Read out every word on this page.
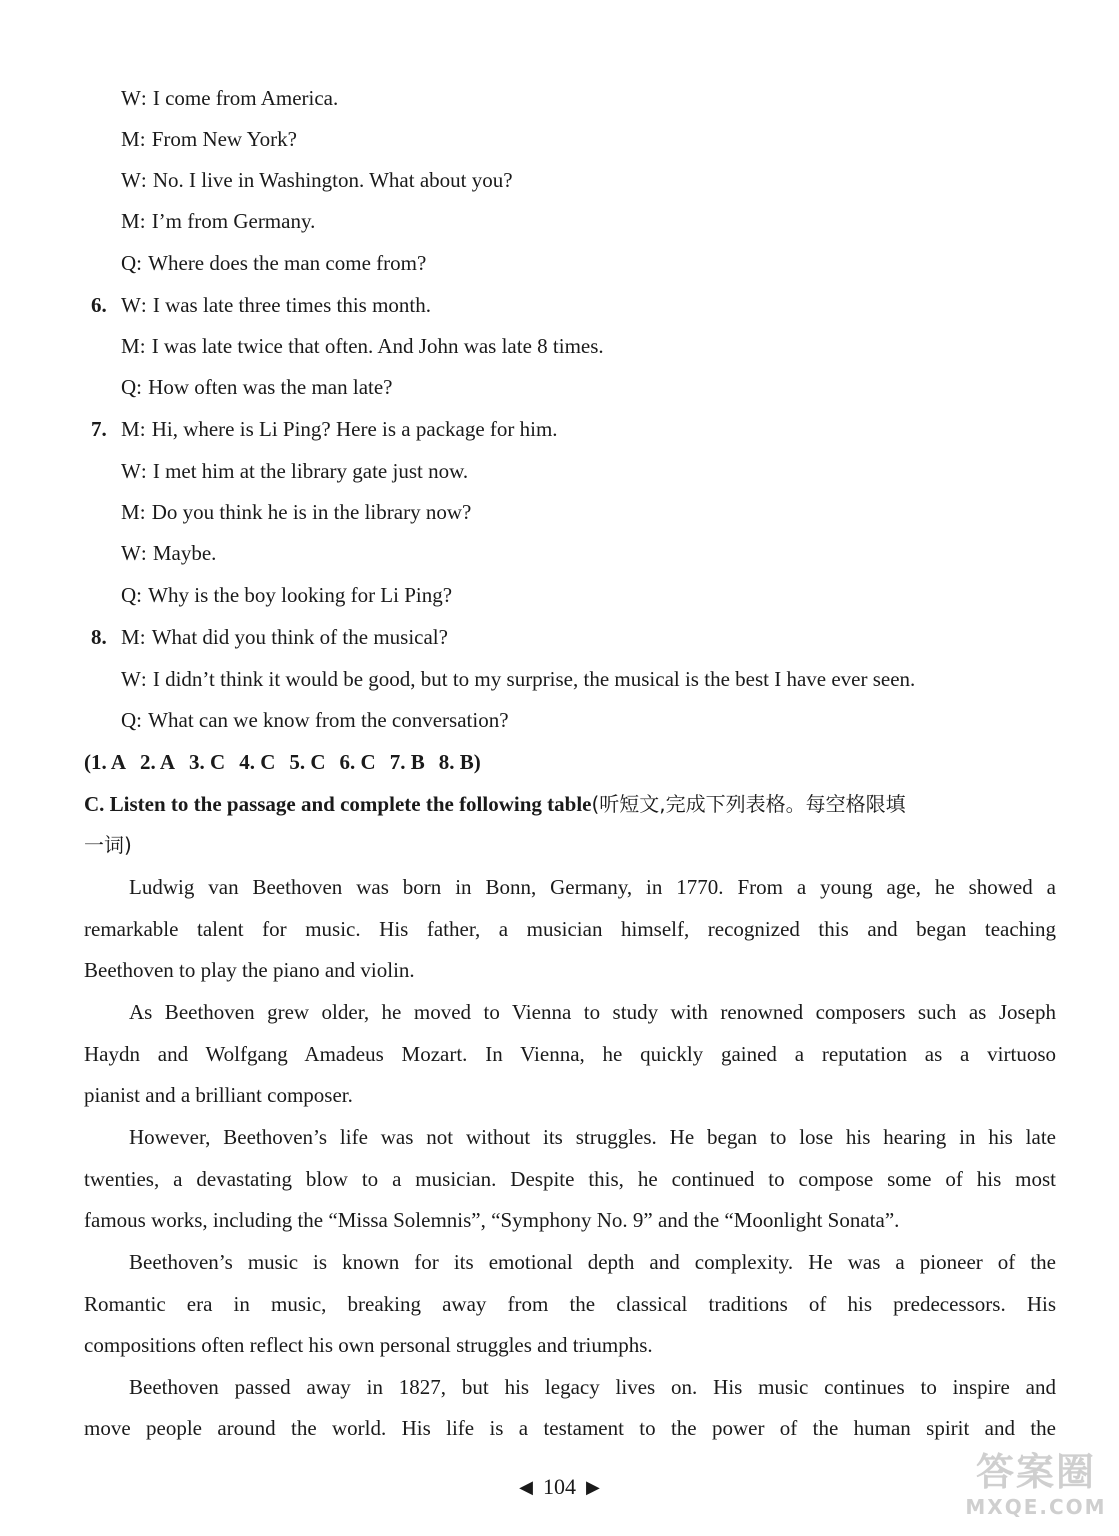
W: I come from America.
M: From New York?
W: No. I live in Washington. What about you?
M: I’m from Germany.
Q: Where does the man come from?
6. W: I was late three times this month.
M: I was late twice that often. And John was late 8 times.
Q: How often was the man late?
7. M: Hi, where is Li Ping? Here is a package for him.
W: I met him at the library gate just now.
M: Do you think he is in the library now?
W: Maybe.
Q: Why is the boy looking for Li Ping?
8. M: What did you think of the musical?
W: I didn’t think it would be good, but to my surprise, the musical is the best I have ever seen.
Q: What can we know from the conversation?
(1. A 2. A 3. C 4. C 5. C 6. C 7. B 8. B)
C. Listen to the passage and complete the following table(听短文,完成下列表格。每空格限填
一词)
Ludwig van Beethoven was born in Bonn, Germany, in 1770. From a young age, he showed a
remarkable talent for music. His father, a musician himself, recognized this and began teaching
Beethoven to play the piano and violin.
As Beethoven grew older, he moved to Vienna to study with renowned composers such as Joseph
Haydn and Wolfgang Amadeus Mozart. In Vienna, he quickly gained a reputation as a virtuoso
pianist and a brilliant composer.
However, Beethoven’s life was not without its struggles. He began to lose his hearing in his late
twenties, a devastating blow to a musician. Despite this, he continued to compose some of his most
famous works, including the “Missa Solemnis”, “Symphony No. 9” and the “Moonlight Sonata”.
Beethoven’s music is known for its emotional depth and complexity. He was a pioneer of the
Romantic era in music, breaking away from the classical traditions of his predecessors. His
compositions often reflect his own personal struggles and triumphs.
Beethoven passed away in 1827, but his legacy lives on. His music continues to inspire and
move people around the world. His life is a testament to the power of the human spirit and the
◀ 104 ▶	答案圈
MXQE.COM
